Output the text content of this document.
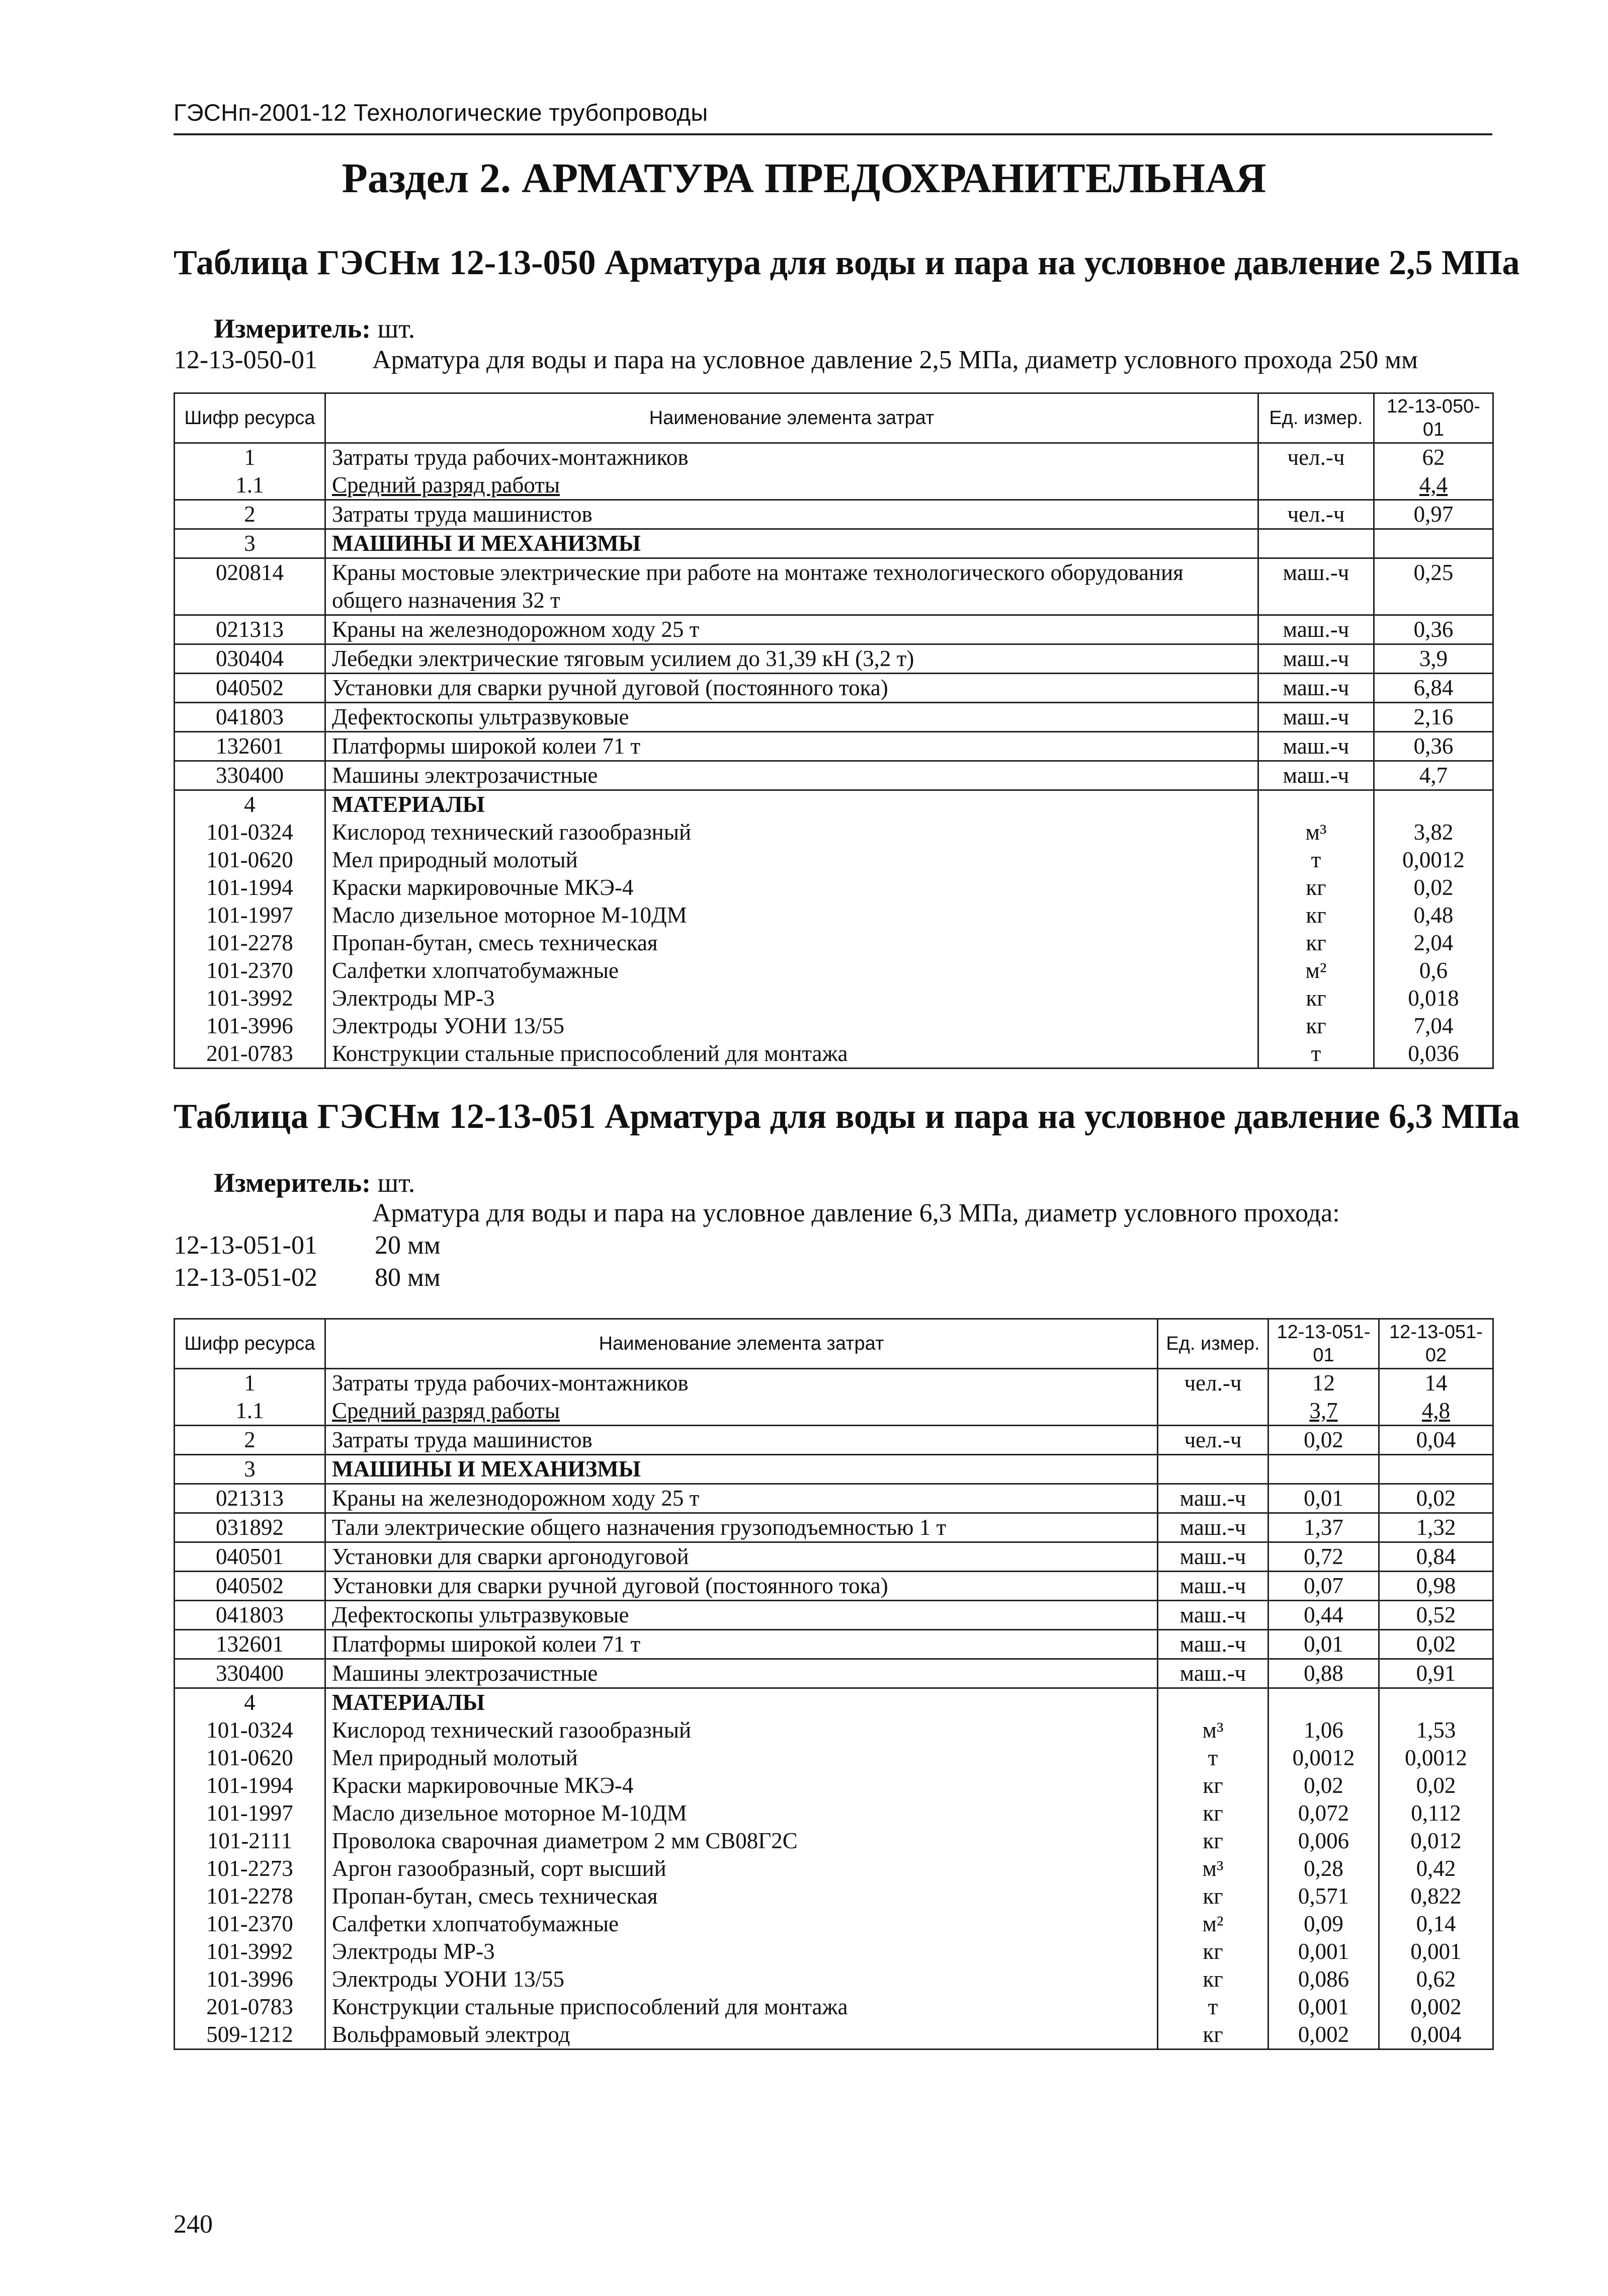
ГЭСНп-2001-12 Технологические трубопроводы
Раздел 2. АРМАТУРА ПРЕДОХРАНИТЕЛЬНАЯ
Таблица ГЭСНм 12-13-050 Арматура для воды и пара на условное давление 2,5 МПа
Измеритель: шт.
12-13-050-01 Арматура для воды и пара на условное давление 2,5 МПа, диаметр условного прохода 250 мм
Шифр ресурса	Наименование элемента затрат	Ед. измер.	12-13-050-01
1	Затраты труда рабочих-монтажников	чел.-ч	62
1.1	Средний разряд работы		4,4
2	Затраты труда машинистов	чел.-ч	0,97
3	МАШИНЫ И МЕХАНИЗМЫ		
020814	Краны мостовые электрические при работе на монтаже технологического оборудования общего назначения 32 т	маш.-ч	0,25
021313	Краны на железнодорожном ходу 25 т	маш.-ч	0,36
030404	Лебедки электрические тяговым усилием до 31,39 кН (3,2 т)	маш.-ч	3,9
040502	Установки для сварки ручной дуговой (постоянного тока)	маш.-ч	6,84
041803	Дефектоскопы ультразвуковые	маш.-ч	2,16
132601	Платформы широкой колеи 71 т	маш.-ч	0,36
330400	Машины электрозачистные	маш.-ч	4,7
4	МАТЕРИАЛЫ		
101-0324	Кислород технический газообразный	м³	3,82
101-0620	Мел природный молотый	т	0,0012
101-1994	Краски маркировочные МКЭ-4	кг	0,02
101-1997	Масло дизельное моторное М-10ДМ	кг	0,48
101-2278	Пропан-бутан, смесь техническая	кг	2,04
101-2370	Салфетки хлопчатобумажные	м²	0,6
101-3992	Электроды МР-3	кг	0,018
101-3996	Электроды УОНИ 13/55	кг	7,04
201-0783	Конструкции стальные приспособлений для монтажа	т	0,036
Таблица ГЭСНм 12-13-051 Арматура для воды и пара на условное давление 6,3 МПа
Измеритель: шт.
Арматура для воды и пара на условное давление 6,3 МПа, диаметр условного прохода:
12-13-051-01 20 мм
12-13-051-02 80 мм
Шифр ресурса	Наименование элемента затрат	Ед. измер.	12-13-051-01	12-13-051-02
1	Затраты труда рабочих-монтажников	чел.-ч	12	14
1.1	Средний разряд работы		3,7	4,8
2	Затраты труда машинистов	чел.-ч	0,02	0,04
3	МАШИНЫ И МЕХАНИЗМЫ			
021313	Краны на железнодорожном ходу 25 т	маш.-ч	0,01	0,02
031892	Тали электрические общего назначения грузоподъемностью 1 т	маш.-ч	1,37	1,32
040501	Установки для сварки аргонодуговой	маш.-ч	0,72	0,84
040502	Установки для сварки ручной дуговой (постоянного тока)	маш.-ч	0,07	0,98
041803	Дефектоскопы ультразвуковые	маш.-ч	0,44	0,52
132601	Платформы широкой колеи 71 т	маш.-ч	0,01	0,02
330400	Машины электрозачистные	маш.-ч	0,88	0,91
4	МАТЕРИАЛЫ			
101-0324	Кислород технический газообразный	м³	1,06	1,53
101-0620	Мел природный молотый	т	0,0012	0,0012
101-1994	Краски маркировочные МКЭ-4	кг	0,02	0,02
101-1997	Масло дизельное моторное М-10ДМ	кг	0,072	0,112
101-2111	Проволока сварочная диаметром 2 мм СВ08Г2С	кг	0,006	0,012
101-2273	Аргон газообразный, сорт высший	м³	0,28	0,42
101-2278	Пропан-бутан, смесь техническая	кг	0,571	0,822
101-2370	Салфетки хлопчатобумажные	м²	0,09	0,14
101-3992	Электроды МР-3	кг	0,001	0,001
101-3996	Электроды УОНИ 13/55	кг	0,086	0,62
201-0783	Конструкции стальные приспособлений для монтажа	т	0,001	0,002
509-1212	Вольфрамовый электрод	кг	0,002	0,004
240
